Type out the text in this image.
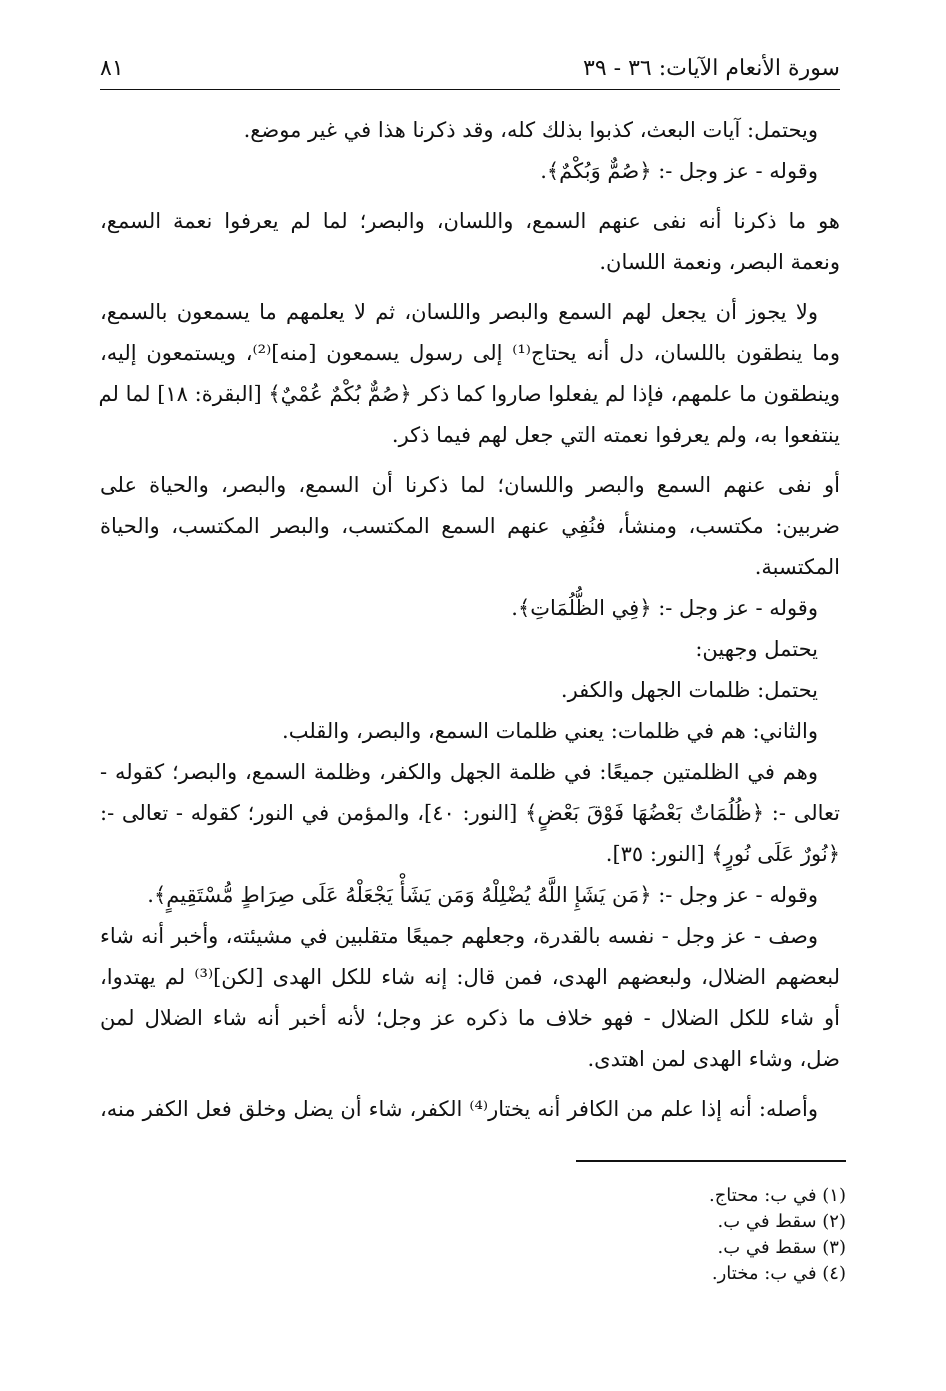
سورة الأنعام الآيات: ٣٦ - ٣٩
٨١
ويحتمل: آيات البعث، كذبوا بذلك كله، وقد ذكرنا هذا في غير موضع.
وقوله - عز وجل -: ﴿صُمٌّ وَبُكْمٌ﴾.
هو ما ذكرنا أنه نفى عنهم السمع، واللسان، والبصر؛ لما لم يعرفوا نعمة السمع،
ونعمة البصر، ونعمة اللسان.
ولا يجوز أن يجعل لهم السمع والبصر واللسان، ثم لا يعلمهم ما يسمعون بالسمع،
وما ينطقون باللسان، دل أنه يحتاج⁽¹⁾ إلى رسول يسمعون [منه]⁽²⁾، ويستمعون إليه،
وينطقون ما علمهم، فإذا لم يفعلوا صاروا كما ذكر ﴿صُمٌّ بُكْمٌ عُمْيٌ﴾ [البقرة: ١٨] لما لم
ينتفعوا به، ولم يعرفوا نعمته التي جعل لهم فيما ذكر.
أو نفى عنهم السمع والبصر واللسان؛ لما ذكرنا أن السمع، والبصر، والحياة على
ضربين: مكتسب، ومنشأ، فنُفِي عنهم السمع المكتسب، والبصر المكتسب، والحياة
المكتسبة.
وقوله - عز وجل -: ﴿فِي الظُّلُمَاتِ﴾.
يحتمل وجهين:
يحتمل: ظلمات الجهل والكفر.
والثاني: هم في ظلمات: يعني ظلمات السمع، والبصر، والقلب.
وهم في الظلمتين جميعًا: في ظلمة الجهل والكفر، وظلمة السمع، والبصر؛ كقوله -
تعالى -: ﴿ظُلُمَاتٌ بَعْضُهَا فَوْقَ بَعْضٍ﴾ [النور: ٤٠]، والمؤمن في النور؛ كقوله - تعالى -:
﴿نُورٌ عَلَى نُورٍ﴾ [النور: ٣٥].
وقوله - عز وجل -: ﴿مَن يَشَإِ اللَّهُ يُضْلِلْهُ وَمَن يَشَأْ يَجْعَلْهُ عَلَى صِرَاطٍ مُّسْتَقِيمٍ﴾.
وصف - عز وجل - نفسه بالقدرة، وجعلهم جميعًا متقلبين في مشيئته، وأخبر أنه شاء
لبعضهم الضلال، ولبعضهم الهدى، فمن قال: إنه شاء للكل الهدى [لكن]⁽³⁾ لم يهتدوا،
أو شاء للكل الضلال - فهو خلاف ما ذكره عز وجل؛ لأنه أخبر أنه شاء الضلال لمن
ضل، وشاء الهدى لمن اهتدى.
وأصله: أنه إذا علم من الكافر أنه يختار⁽⁴⁾ الكفر، شاء أن يضل وخلق فعل الكفر منه،
(١) في ب: محتاج.
(٢) سقط في ب.
(٣) سقط في ب.
(٤) في ب: مختار.
